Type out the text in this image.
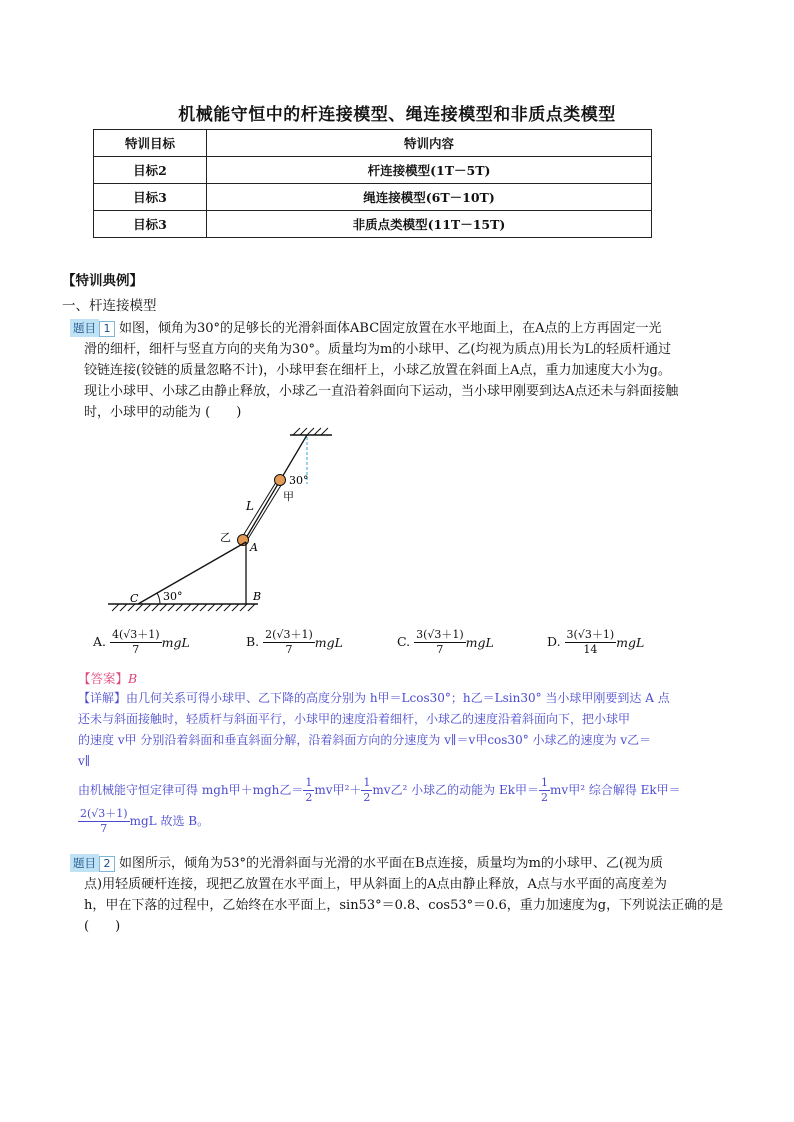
机械能守恒中的杆连接模型、绳连接模型和非质点类模型
特训目标	特训内容
目标2	杆连接模型(1T－5T)
目标3	绳连接模型(6T－10T)
目标3	非质点类模型(11T－15T)
【特训典例】
一、杆连接模型
题目 1 如图，倾角为30°的足够长的光滑斜面体ABC固定放置在水平地面上，在A点的上方再固定一光
滑的细杆，细杆与竖直方向的夹角为30°。质量均为m的小球甲、乙(均视为质点)用长为L的轻质杆通过
铰链连接(铰链的质量忽略不计)，小球甲套在细杆上，小球乙放置在斜面上A点，重力加速度大小为g。
现让小球甲、小球乙由静止释放，小球乙一直沿着斜面向下运动，当小球甲刚要到达A点还未与斜面接触
时，小球甲的动能为 (　　)
30°
甲
L
乙
A
B
C 30°
A. $\frac{4(√3+1)}{7}$ mgL	B. $\frac{2(√3+1)}{7}$ mgL	C. $\frac{3(√3+1)}{7}$ mgL	D. $\frac{3(√3+1)}{14}$ mgL
【答案】B
【详解】由几何关系可得小球甲、乙下降的高度分别为 h甲＝Lcos30°；h乙＝Lsin30° 当小球甲刚要到达 A 点
还未与斜面接触时，轻质杆与斜面平行，小球甲的速度沿着细杆，小球乙的速度沿着斜面向下，把小球甲
的速度 v甲 分别沿着斜面和垂直斜面分解，沿着斜面方向的分速度为 v∥＝v甲cos30° 小球乙的速度为 v乙＝
v∥
由机械能守恒定律可得 mgh甲＋mgh乙＝ $\frac{1}{2}$ mv甲$^2+ \frac{1}{2}$ mv乙² 小球乙的动能为 Ek甲＝ $\frac{1}{2}$ mv甲² 综合解得 Ek甲＝
$\frac{2(√3+1)}{7}$ mgL 故选 B。
题目 2 如图所示，倾角为53°的光滑斜面与光滑的水平面在B点连接，质量均为m的小球甲、乙(视为质
点)用轻质硬杆连接，现把乙放置在水平面上，甲从斜面上的A点由静止释放，A点与水平面的高度差为
h，甲在下落的过程中，乙始终在水平面上，sin53°＝0.8、cos53°＝0.6，重力加速度为g，下列说法正确的是
(　　)
